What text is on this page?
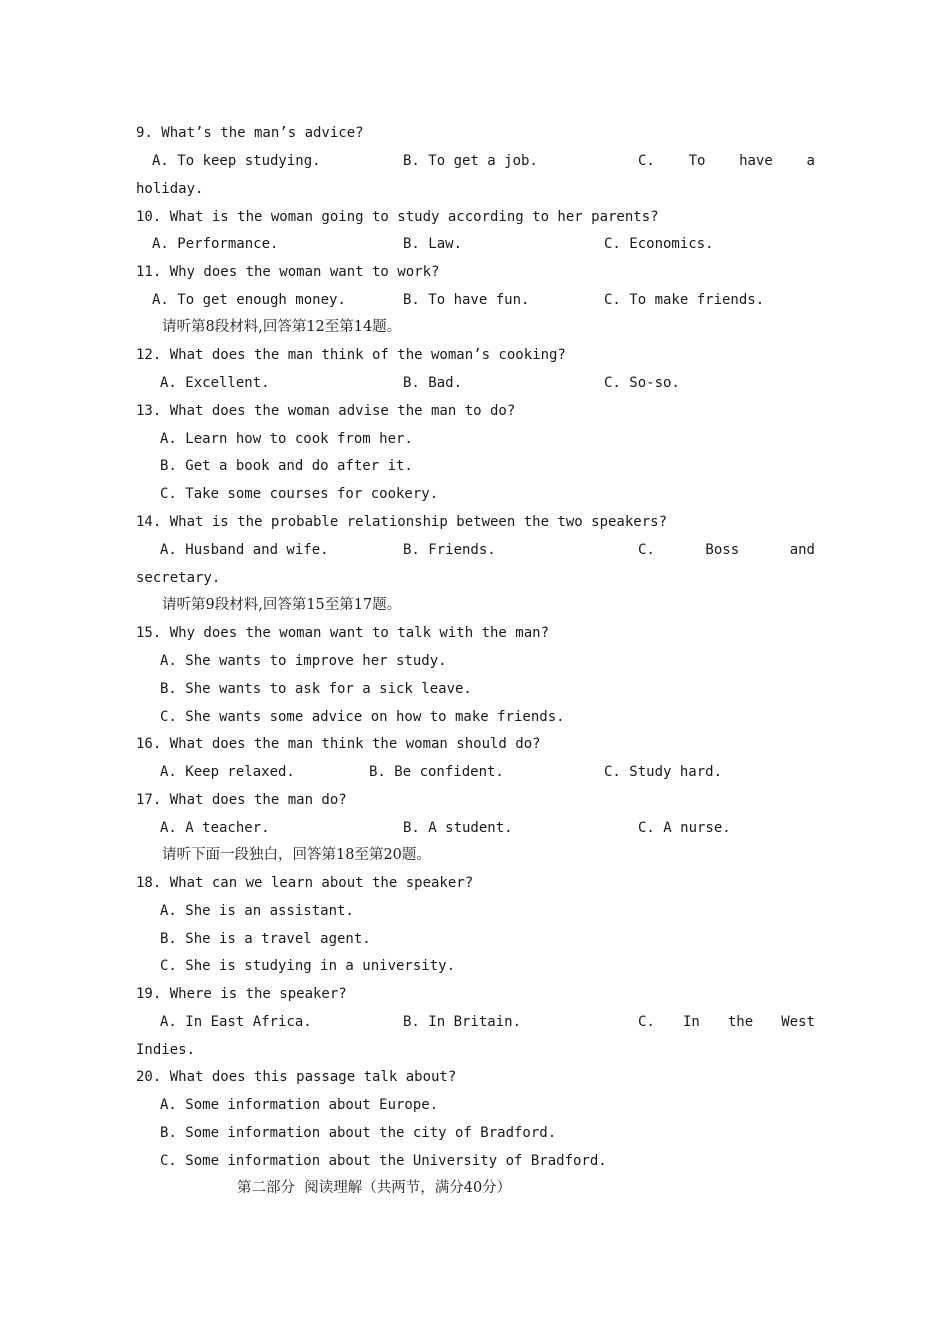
9. What’s the man’s advice?

A. To keep studying.

	B. To get a job.

	C. To have a

holiday.

10. What is the woman going to study according to her parents?

A. Performance.

	B. Law.

	C. Economics.

11. Why does the woman want to work?

A. To get enough money.

	B. To have fun.

	C. To make friends.

请听第8段材料,回答第12至第14题。

12. What does the man think of the woman’s cooking?

A. Excellent.

	B. Bad.

	C. So-so.

13. What does the woman advise the man to do?

A. Learn how to cook from her.

B. Get a book and do after it.

C. Take some courses for cookery.

14. What is the probable relationship between the two speakers?

A. Husband and wife.

	B. Friends.

	C.	Boss	and

secretary.

请听第9段材料,回答第15至第17题。

15. Why does the woman want to talk with the man?

A. She wants to improve her study.

B. She wants to ask for a sick leave.

C. She wants some advice on how to make friends.

16. What does the man think the woman should do?

A. Keep relaxed.

	B. Be confident.

	C. Study hard.

17. What does the man do?

A. A teacher.

	B. A student.

	C. A nurse.

请听下面一段独白，回答第18至第20题。

18. What can we learn about the speaker?

A. She is an assistant.

B. She is a travel agent.

C. She is studying in a university.

19. Where is the speaker?

A. In East Africa.

	B. In Britain.

	C. In the West

Indies.

20. What does this passage talk about?

A. Some information about Europe.

B. Some information about the city of Bradford.

C. Some information about the University of Bradford.

第二部分  阅读理解（共两节，满分40分）
